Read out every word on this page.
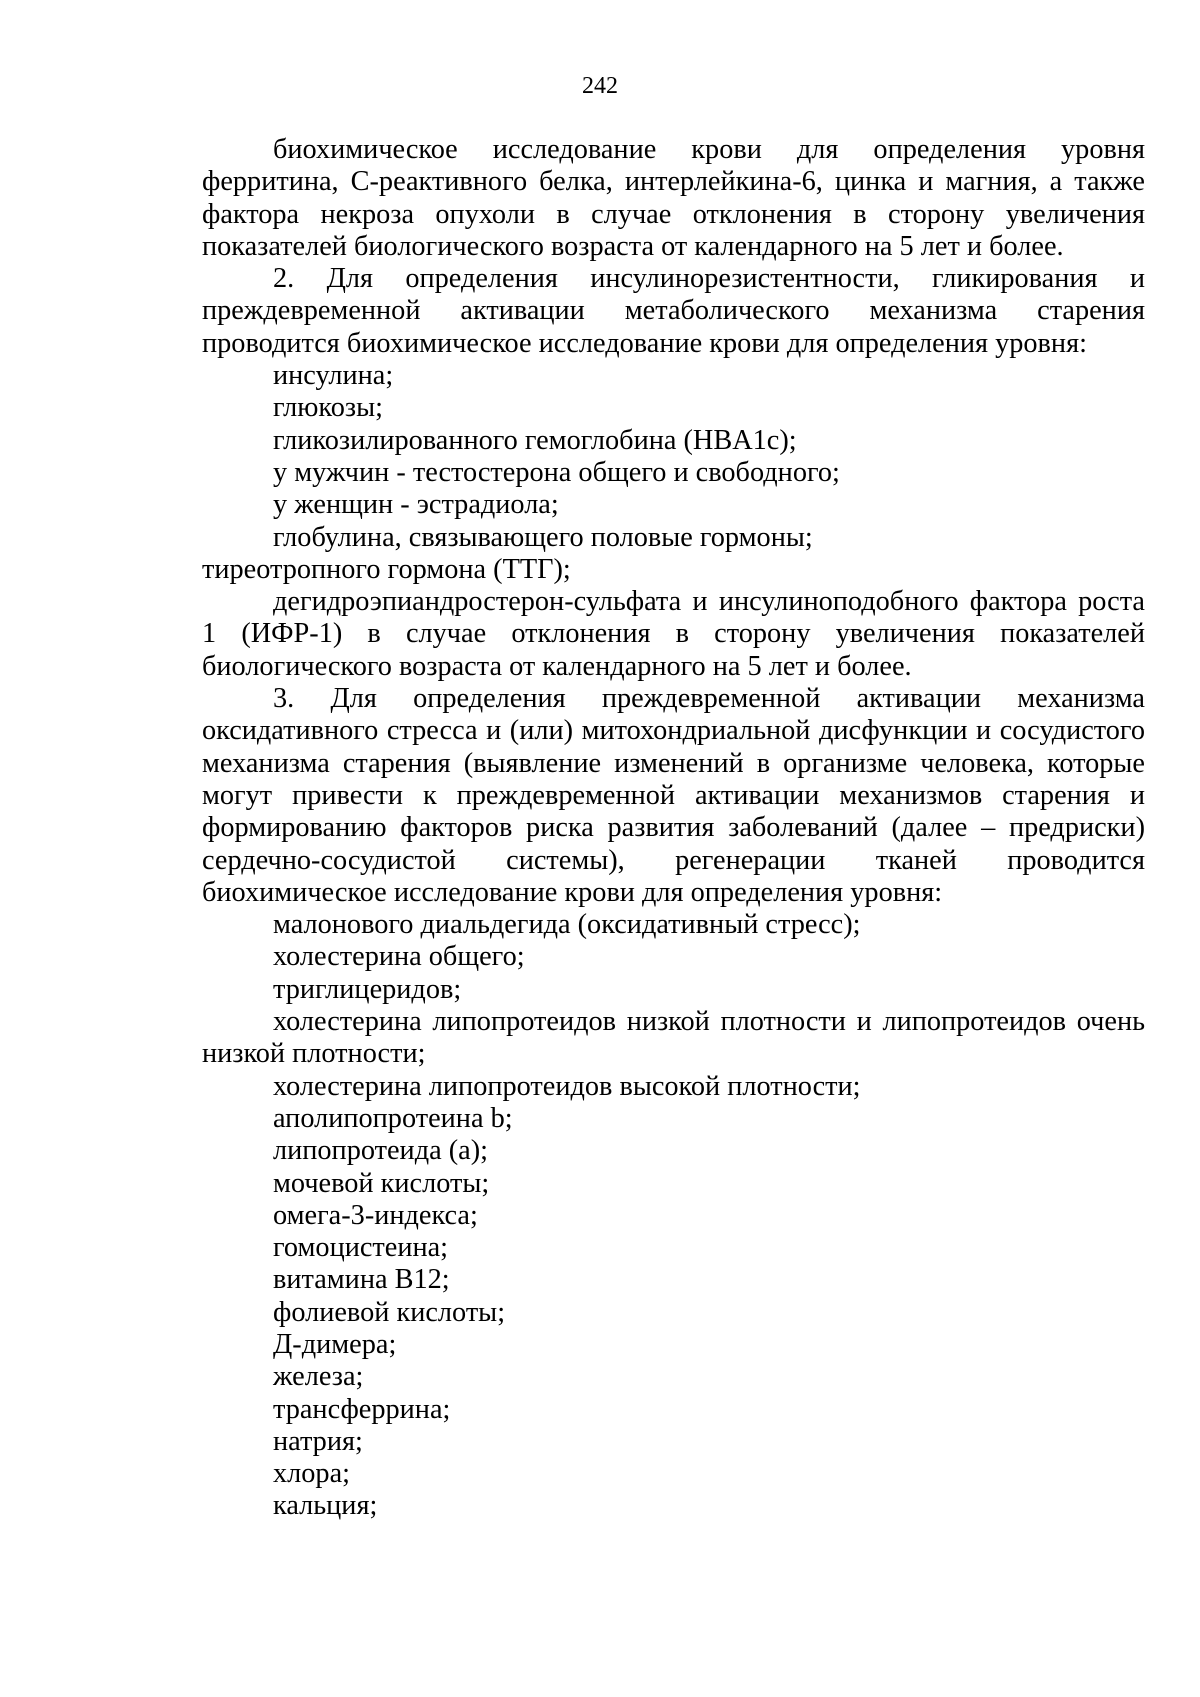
242

биохимическое исследование крови для определения уровня ферритина, С-реактивного белка, интерлейкина-6, цинка и магния, а также фактора некроза опухоли в случае отклонения в сторону увеличения показателей биологического возраста от календарного на 5 лет и более.

2. Для определения инсулинорезистентности, гликирования и преждевременной активации метаболического механизма старения проводится биохимическое исследование крови для определения уровня:

инсулина;

глюкозы;

гликозилированного гемоглобина (HBA1c);

у мужчин - тестостерона общего и свободного;

у женщин - эстрадиола;

глобулина, связывающего половые гормоны;

тиреотропного гормона (ТТГ);

дегидроэпиандростерон-сульфата и инсулиноподобного фактора роста 1 (ИФР-1) в случае отклонения в сторону увеличения показателей биологического возраста от календарного на 5 лет и более.

3. Для определения преждевременной активации механизма оксидативного стресса и (или) митохондриальной дисфункции и сосудистого механизма старения (выявление изменений в организме человека, которые могут привести к преждевременной активации механизмов старения и формированию факторов риска развития заболеваний (далее – предриски) сердечно-сосудистой системы), регенерации тканей проводится биохимическое исследование крови для определения уровня:

малонового диальдегида (оксидативный стресс);

холестерина общего;

триглицеридов;

холестерина липопротеидов низкой плотности и липопротеидов очень низкой плотности;

холестерина липопротеидов высокой плотности;

аполипопротеина b;

липопротеида (а);

мочевой кислоты;

омега-3-индекса;

гомоцистеина;

витамина В12;

фолиевой кислоты;

Д-димера;

железа;

трансферрина;

натрия;

хлора;

кальция;
